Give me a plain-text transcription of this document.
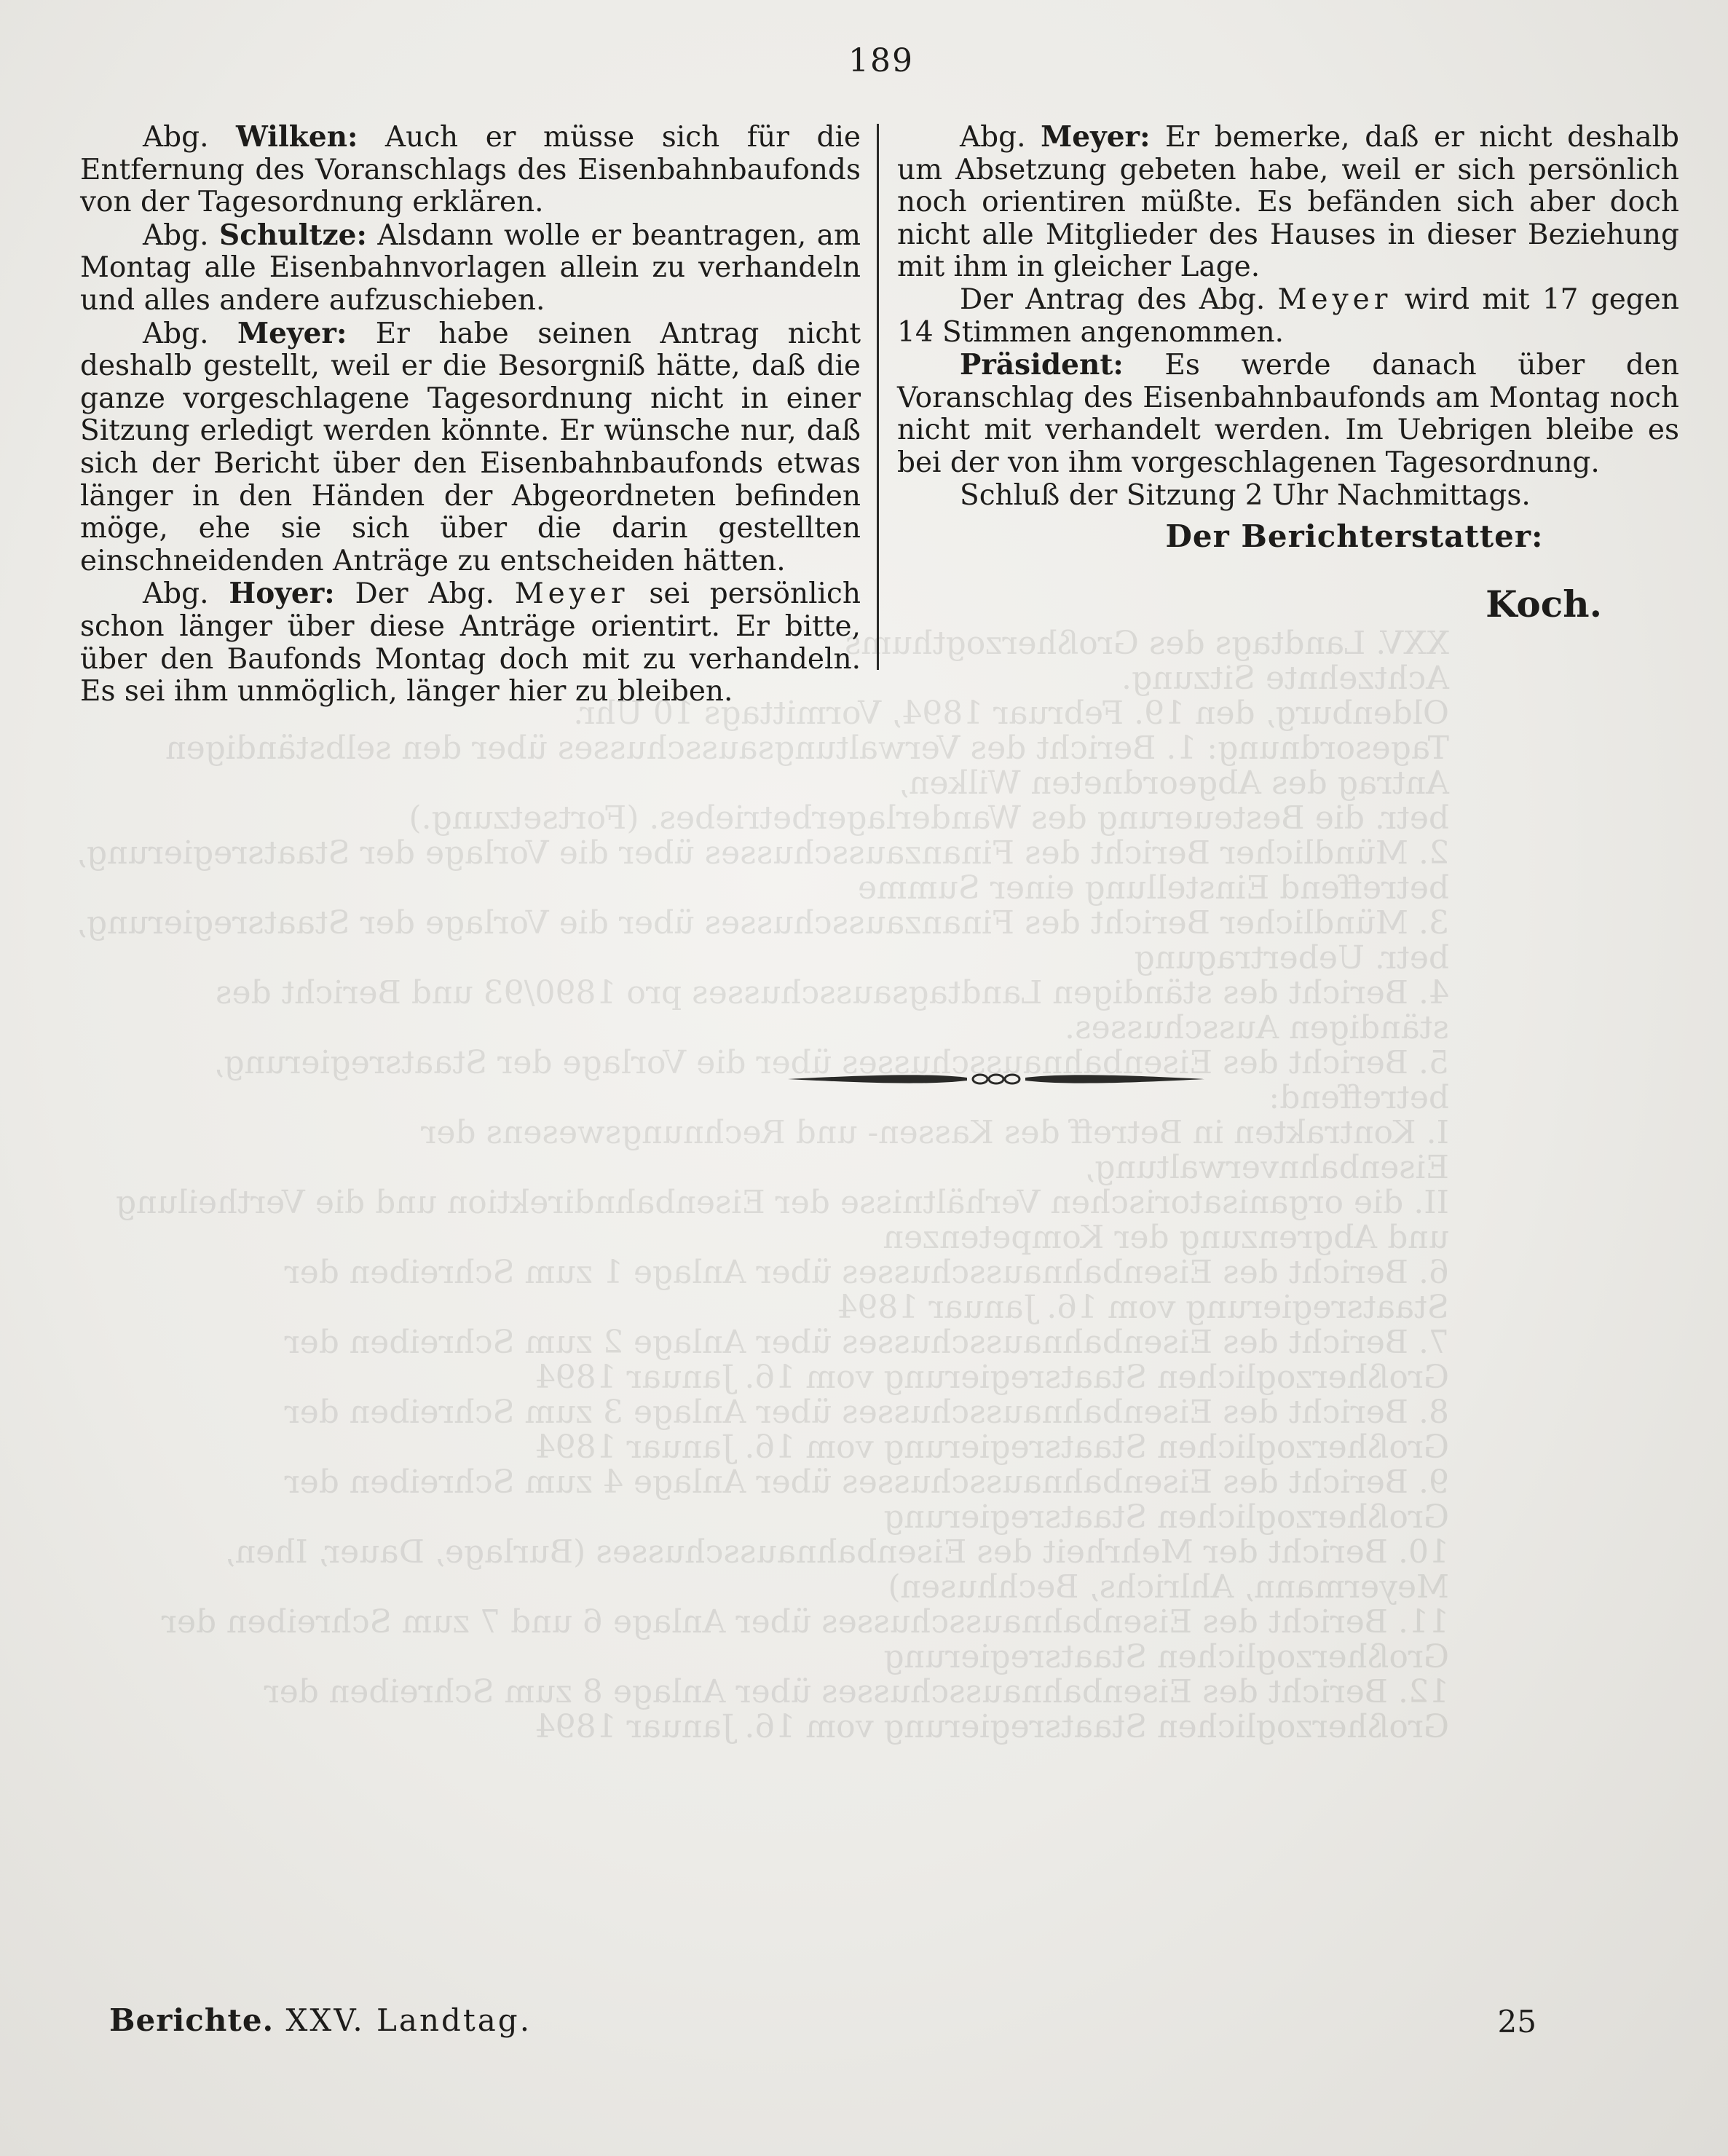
XXV. Landtags des Großherzogthums

Achtzehnte Sitzung.

Oldenburg, den 19. Februar 1894, Vormittags 10 Uhr.

Tagesordnung: 1. Bericht des Verwaltungsausschusses über den selbständigen Antrag des Abgeordneten Wilken,

betr. die Besteuerung des Wanderlagerbetriebes. (Fortsetzung.)

2. Mündlicher Bericht des Finanzausschusses über die Vorlage der Staatsregierung, betreffend Einstellung einer Summe

3. Mündlicher Bericht des Finanzausschusses über die Vorlage der Staatsregierung, betr. Uebertragung

4. Bericht des ständigen Landtagsausschusses pro 1890/93 und Bericht des ständigen Ausschusses.

5. Bericht des Eisenbahnausschusses über die Vorlage der Staatsregierung, betreffend:

I. Kontrakten in Betreff des Kassen- und Rechnungswesens der Eisenbahnverwaltung,

II. die organisatorischen Verhältnisse der Eisenbahndirektion und die Vertheilung und Abgrenzung der Kompetenzen

6. Bericht des Eisenbahnausschusses über Anlage 1 zum Schreiben der Staatsregierung vom 16. Januar 1894

7. Bericht des Eisenbahnausschusses über Anlage 2 zum Schreiben der Großherzoglichen Staatsregierung vom 16. Januar 1894

8. Bericht des Eisenbahnausschusses über Anlage 3 zum Schreiben der Großherzoglichen Staatsregierung vom 16. Januar 1894

9. Bericht des Eisenbahnausschusses über Anlage 4 zum Schreiben der Großherzoglichen Staatsregierung

10. Bericht der Mehrheit des Eisenbahnausschusses (Burlage, Dauer, Ihen, Meyermann, Ahlrichs, Bechhusen)

11. Bericht des Eisenbahnausschusses über Anlage 6 und 7 zum Schreiben der Großherzoglichen Staatsregierung

12. Bericht des Eisenbahnausschusses über Anlage 8 zum Schreiben der Großherzoglichen Staatsregierung vom 16. Januar 1894

189

Abg. Wilken: Auch er müsse sich für die Entfernung des Voranschlags des Eisenbahnbaufonds von der Tagesordnung erklären.

Abg. Schultze: Alsdann wolle er beantragen, am Montag alle Eisenbahnvorlagen allein zu verhandeln und alles andere aufzuschieben.

Abg. Meyer: Er habe seinen Antrag nicht deshalb gestellt, weil er die Besorgniß hätte, daß die ganze vorgeschlagene Tagesordnung nicht in einer Sitzung erledigt werden könnte. Er wünsche nur, daß sich der Bericht über den Eisenbahnbaufonds etwas länger in den Händen der Abgeordneten befinden möge, ehe sie sich über die darin gestellten einschneidenden Anträge zu entscheiden hätten.

Abg. Hoyer: Der Abg. Meyer sei persönlich schon länger über diese Anträge orientirt. Er bitte, über den Baufonds Montag doch mit zu verhandeln. Es sei ihm unmöglich, länger hier zu bleiben.

Abg. Meyer: Er bemerke, daß er nicht deshalb um Absetzung gebeten habe, weil er sich persönlich noch orientiren müßte. Es befänden sich aber doch nicht alle Mitglieder des Hauses in dieser Beziehung mit ihm in gleicher Lage.

Der Antrag des Abg. Meyer wird mit 17 gegen 14 Stimmen angenommen.

Präsident: Es werde danach über den Voranschlag des Eisenbahnbaufonds am Montag noch nicht mit verhandelt werden. Im Uebrigen bleibe es bei der von ihm vorgeschlagenen Tagesordnung.

Schluß der Sitzung 2 Uhr Nachmittags.

Der Berichterstatter:
Koch.
Berichte. XXV. Landtag.	25
